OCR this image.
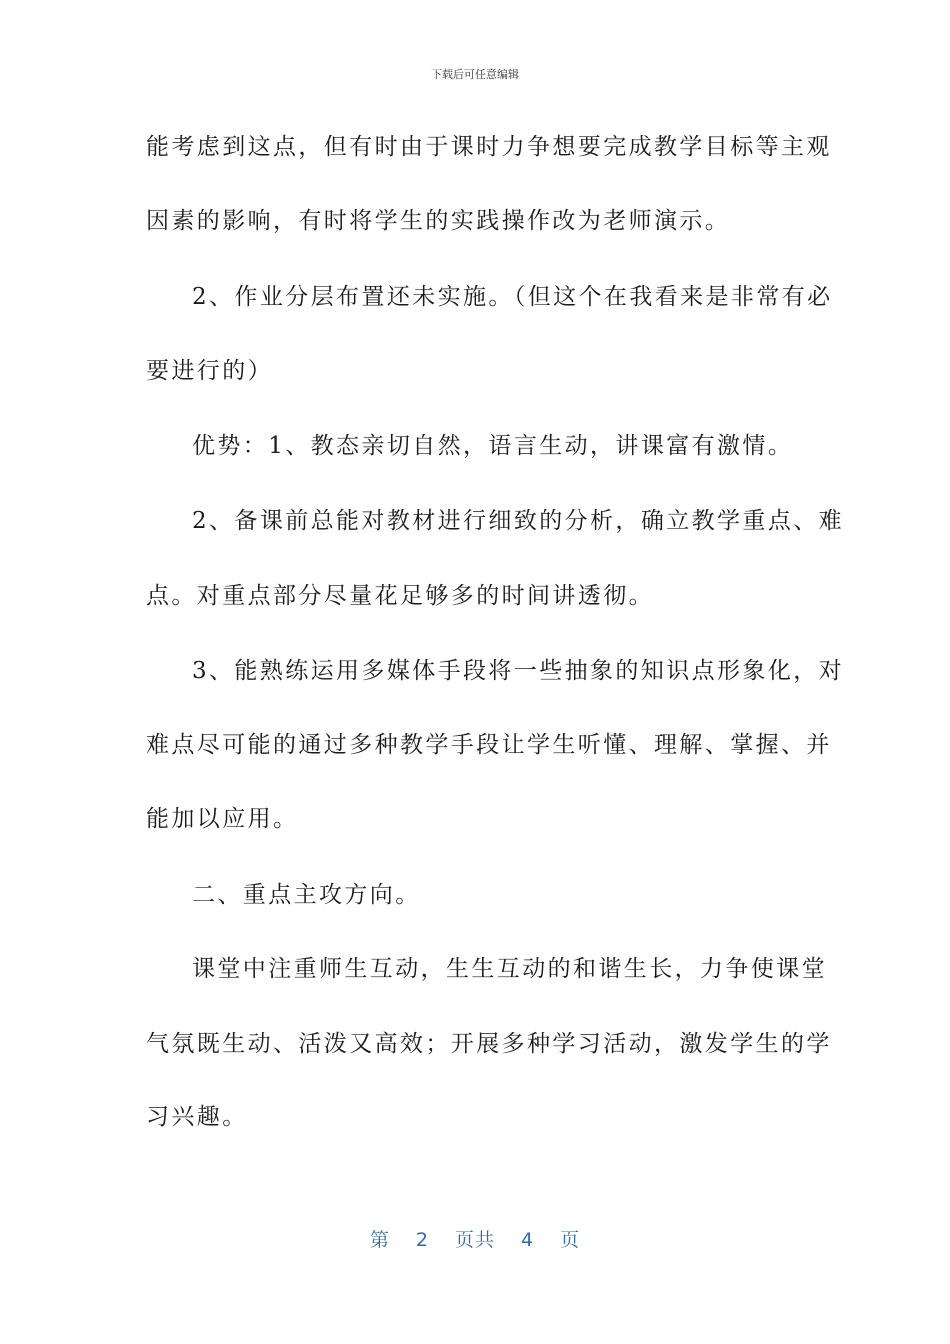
下载后可任意编辑
能考虑到这点，但有时由于课时力争想要完成教学目标等主观
因素的影响，有时将学生的实践操作改为老师演示。
2、作业分层布置还未实施。（但这个在我看来是非常有必
要进行的）
优势：1、教态亲切自然，语言生动，讲课富有激情。
2、备课前总能对教材进行细致的分析，确立教学重点、难
点。对重点部分尽量花足够多的时间讲透彻。
3、能熟练运用多媒体手段将一些抽象的知识点形象化，对
难点尽可能的通过多种教学手段让学生听懂、理解、掌握、并
能加以应用。
二、重点主攻方向。
课堂中注重师生互动，生生互动的和谐生长，力争使课堂
气氛既生动、活泼又高效；开展多种学习活动，激发学生的学
习兴趣。
第 2 页共 4 页
